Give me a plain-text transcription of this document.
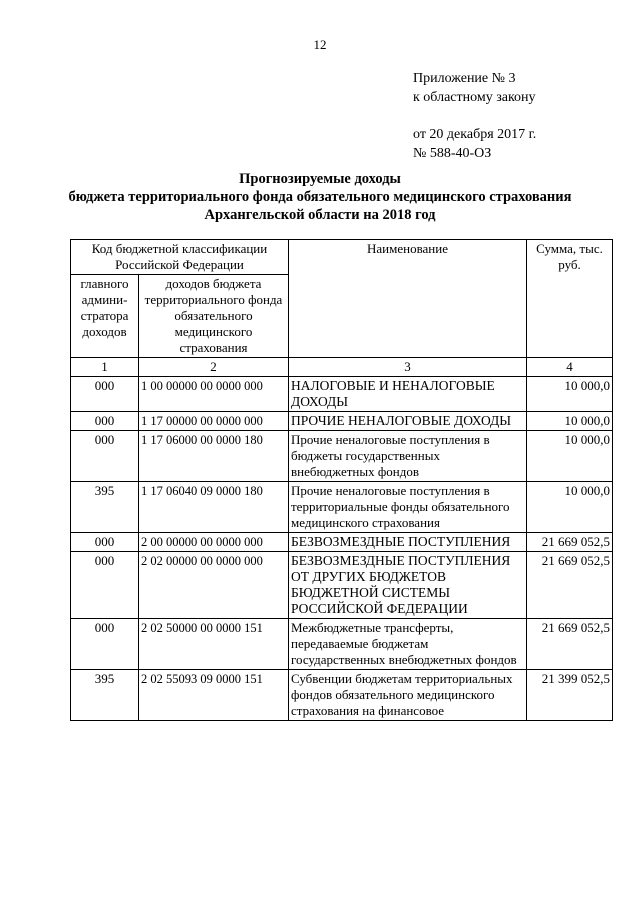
12
Приложение № 3
к областному закону
от 20 декабря 2017 г.
№ 588-40-ОЗ
Прогнозируемые доходы
бюджета территориального фонда обязательного медицинского страхования
Архангельской области на 2018 год
Код бюджетной классификации Российской Федерации		Наименование	Сумма, тыс. руб.
главного админи-стратора доходов	доходов бюджета территориального фонда обязательного медицинского страхования		
1	2	3	4
000	1 00 00000 00 0000 000	НАЛОГОВЫЕ И НЕНАЛОГОВЫЕ ДОХОДЫ	10 000,0
000	1 17 00000 00 0000 000	ПРОЧИЕ НЕНАЛОГОВЫЕ ДОХОДЫ	10 000,0
000	1 17 06000 00 0000 180	Прочие неналоговые поступления в бюджеты государственных внебюджетных фондов	10 000,0
395	1 17 06040 09 0000 180	Прочие неналоговые поступления в территориальные фонды обязательного медицинского страхования	10 000,0
000	2 00 00000 00 0000 000	БЕЗВОЗМЕЗДНЫЕ ПОСТУПЛЕНИЯ	21 669 052,5
000	2 02 00000 00 0000 000	БЕЗВОЗМЕЗДНЫЕ ПОСТУПЛЕНИЯ ОТ ДРУГИХ БЮДЖЕТОВ БЮДЖЕТНОЙ СИСТЕМЫ РОССИЙСКОЙ ФЕДЕРАЦИИ	21 669 052,5
000	2 02 50000 00 0000 151	Межбюджетные трансферты, передаваемые бюджетам государственных внебюджетных фондов	21 669 052,5
395	2 02 55093 09 0000 151	Субвенции бюджетам территориальных фондов обязательного медицинского страхования на финансовое	21 399 052,5
